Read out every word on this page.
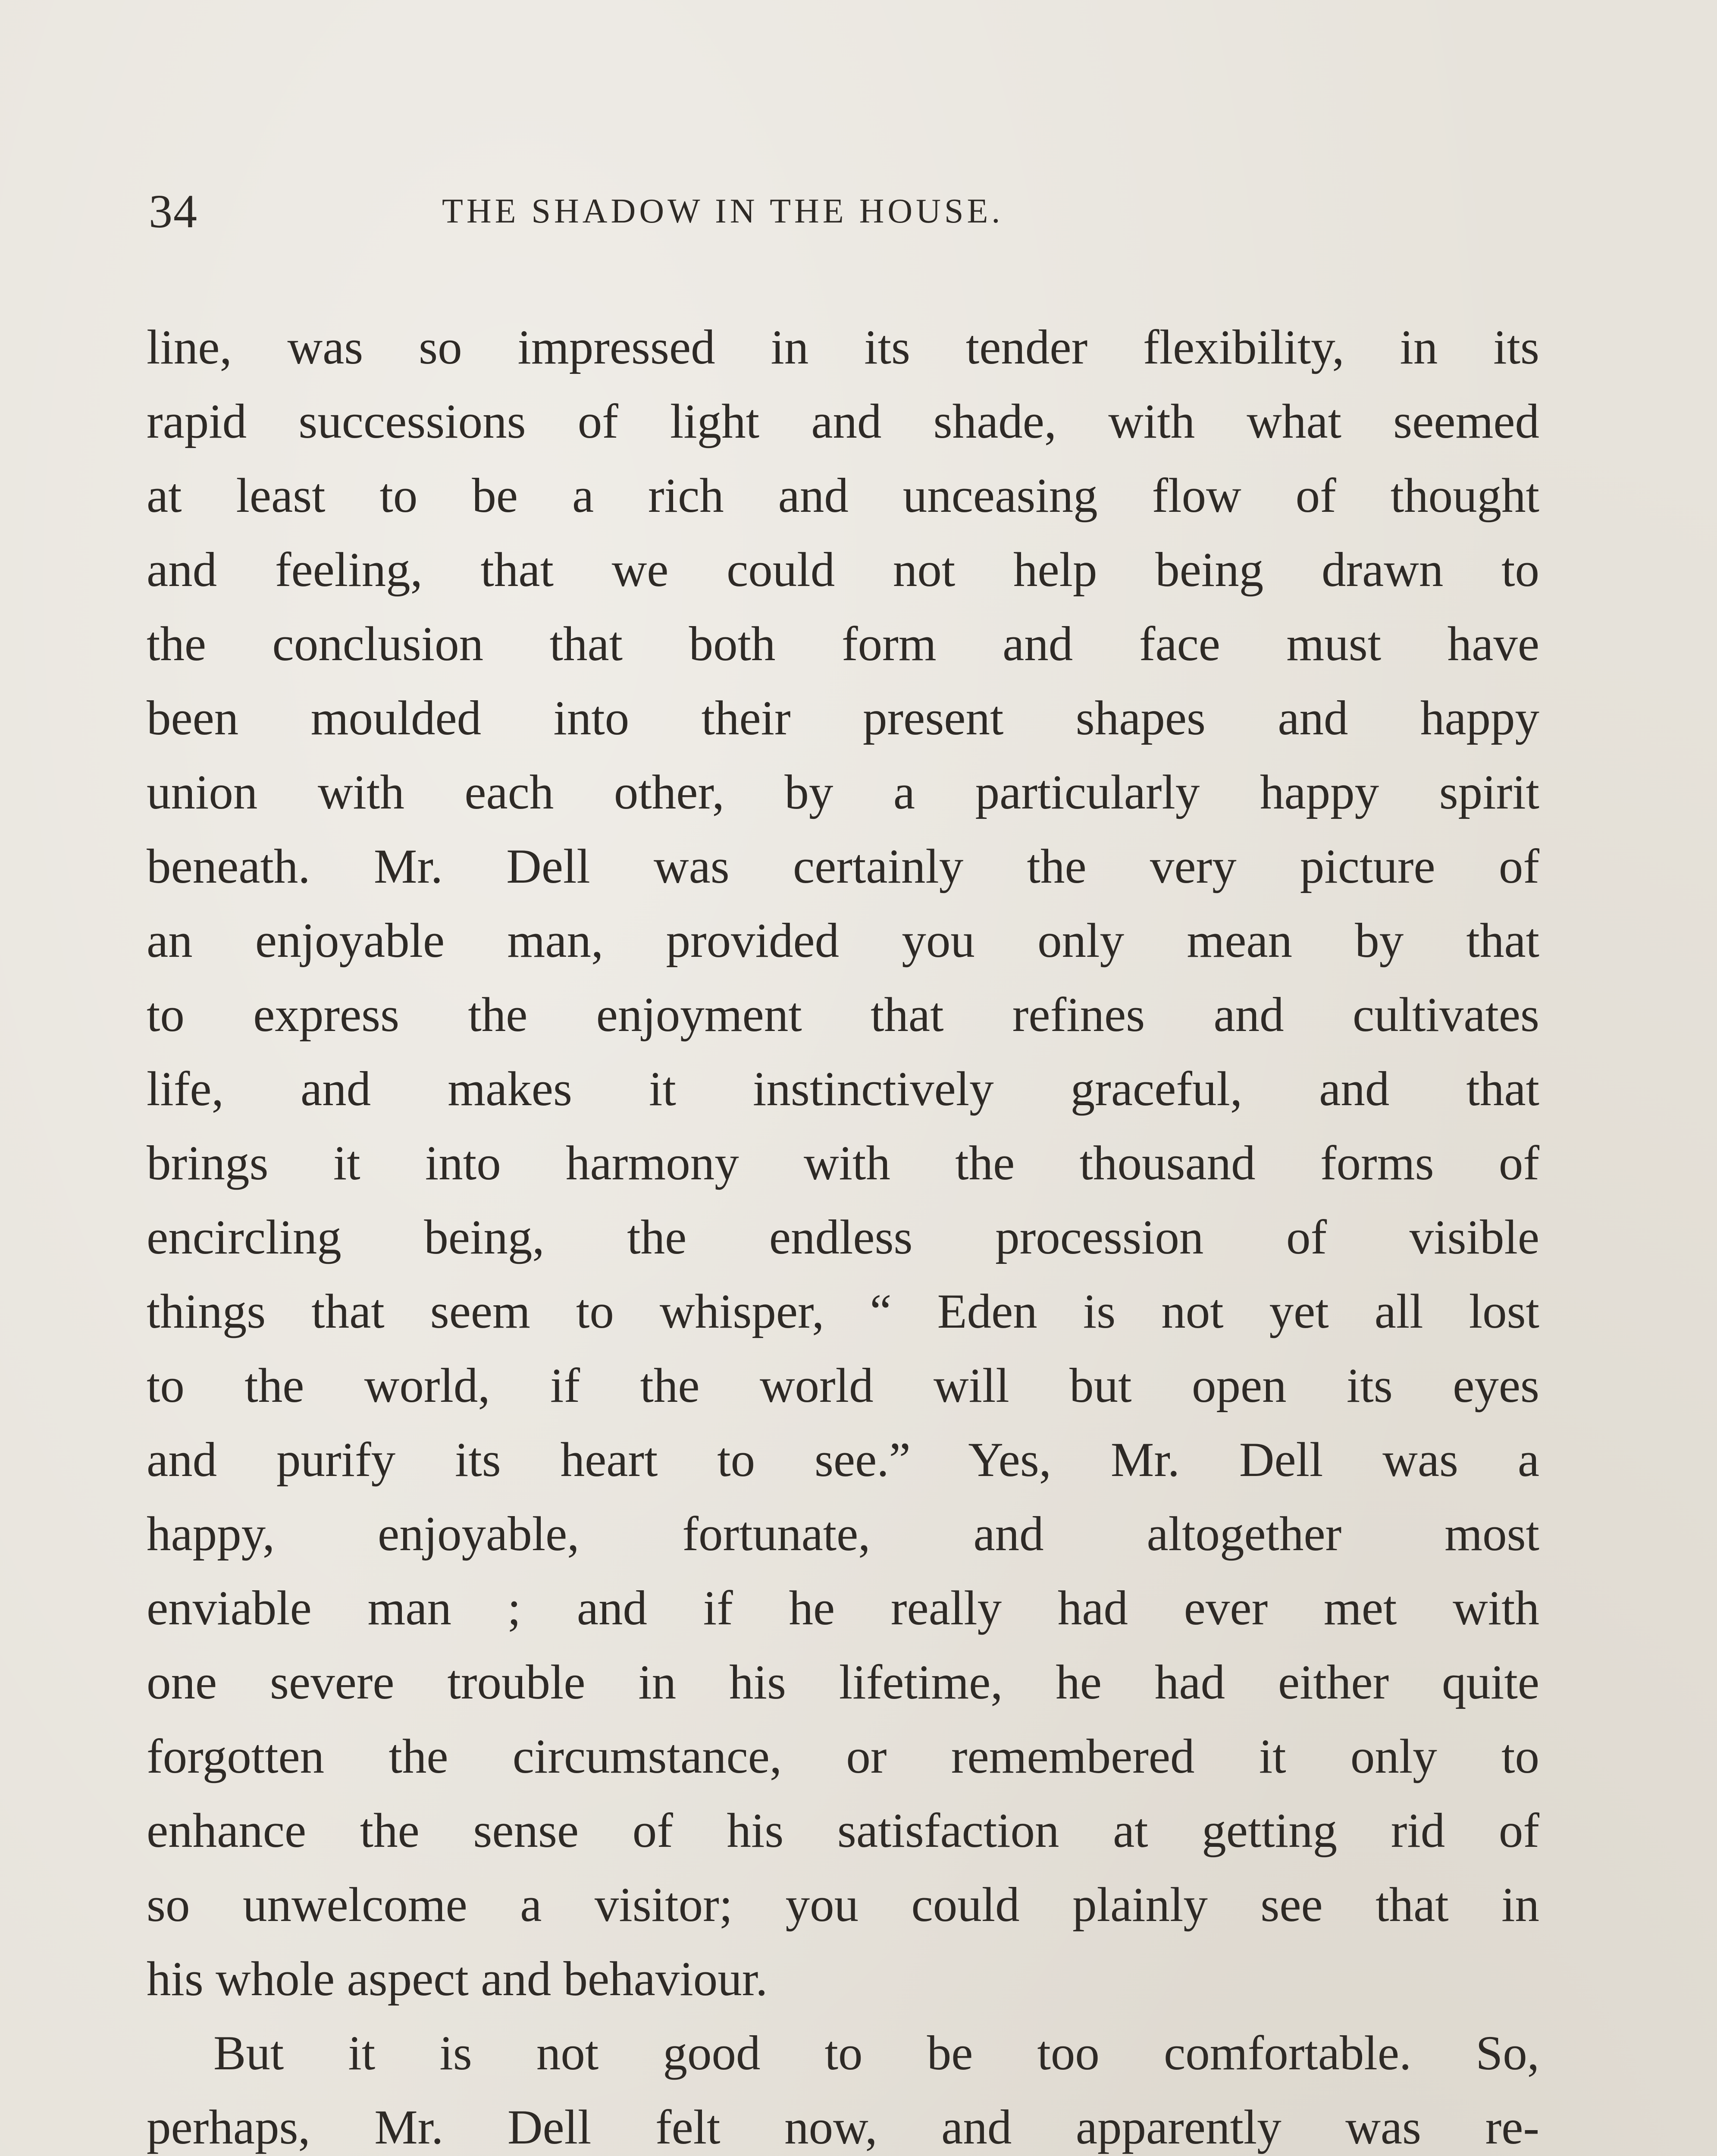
34	THE SHADOW IN THE HOUSE.
line, was so impressed in its tender flexibility, in its
rapid successions of light and shade, with what seemed
at least to be a rich and unceasing flow of thought
and feeling, that we could not help being drawn to
the conclusion that both form and face must have
been moulded into their present shapes and happy
union with each other, by a particularly happy spirit
beneath. Mr. Dell was certainly the very picture of
an enjoyable man, provided you only mean by that
to express the enjoyment that refines and cultivates
life, and makes it instinctively graceful, and that
brings it into harmony with the thousand forms of
encircling being, the endless procession of visible
things that seem to whisper, “ Eden is not yet all lost
to the world, if the world will but open its eyes
and purify its heart to see.” Yes, Mr. Dell was a
happy, enjoyable, fortunate, and altogether most
enviable man ; and if he really had ever met with
one severe trouble in his lifetime, he had either quite
forgotten the circumstance, or remembered it only to
enhance the sense of his satisfaction at getting rid of
so unwelcome a visitor; you could plainly see that in
his whole aspect and behaviour.
But it is not good to be too comfortable. So,
perhaps, Mr. Dell felt now, and apparently was re-
